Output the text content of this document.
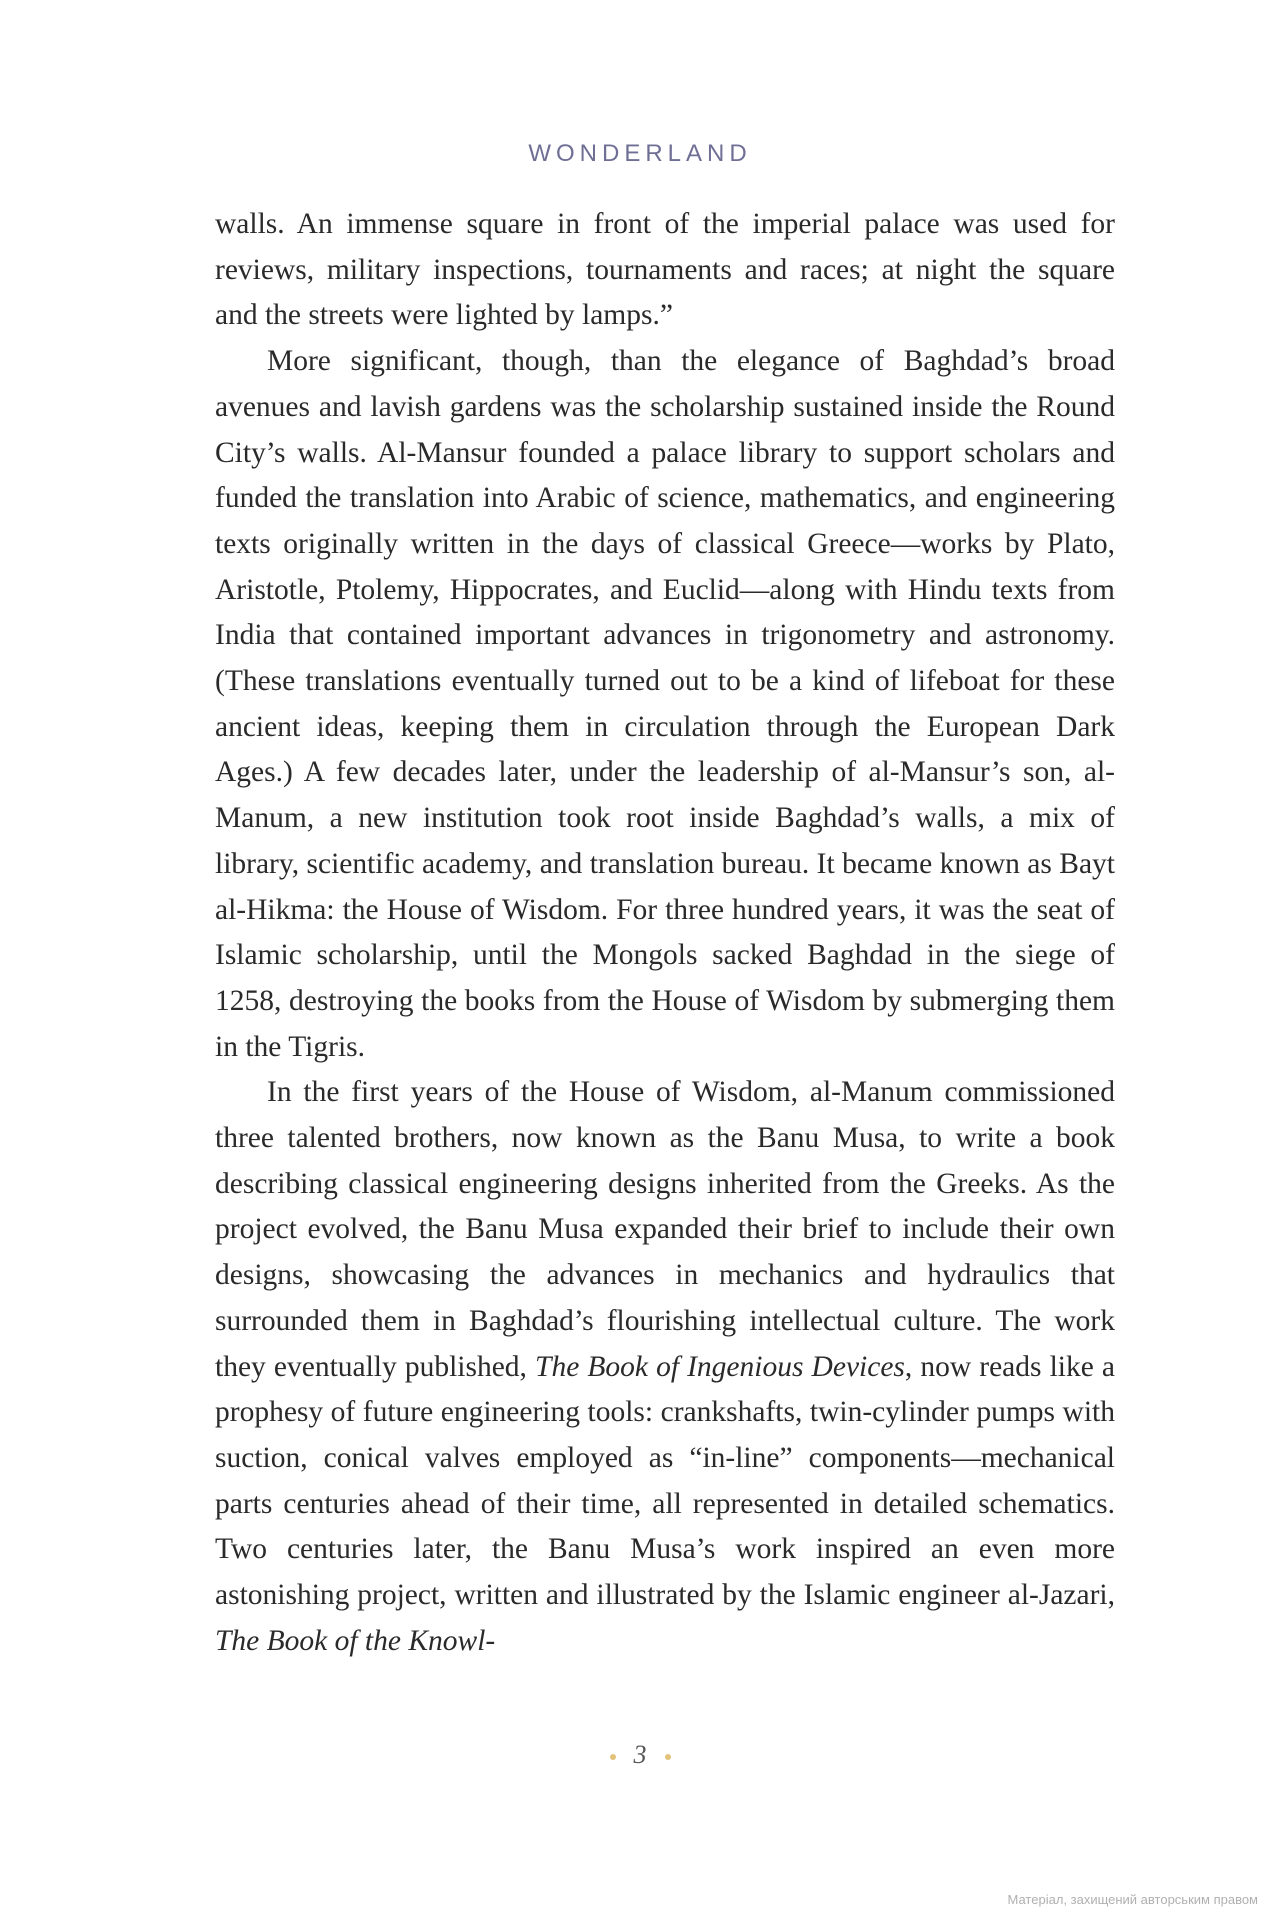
WONDERLAND

walls. An immense square in front of the imperial palace was used for reviews, military inspections, tournaments and races; at night the square and the streets were lighted by lamps.”

More significant, though, than the elegance of Baghdad’s broad avenues and lavish gardens was the scholarship sustained inside the Round City’s walls. Al-Mansur founded a palace library to support scholars and funded the translation into Arabic of science, mathematics, and engineering texts originally written in the days of classical Greece—works by Plato, Aristotle, Ptolemy, Hippocrates, and Euclid—along with Hindu texts from India that contained important advances in trigonometry and astronomy. (These translations eventually turned out to be a kind of lifeboat for these ancient ideas, keeping them in circulation through the European Dark Ages.) A few decades later, under the leadership of al-Mansur’s son, al-Manum, a new institution took root inside Baghdad’s walls, a mix of library, scientific academy, and translation bureau. It became known as Bayt al-Hikma: the House of Wisdom. For three hundred years, it was the seat of Islamic scholarship, until the Mongols sacked Baghdad in the siege of 1258, destroying the books from the House of Wisdom by submerging them in the Tigris.

In the first years of the House of Wisdom, al-Manum commissioned three talented brothers, now known as the Banu Musa, to write a book describing classical engineering designs inherited from the Greeks. As the project evolved, the Banu Musa expanded their brief to include their own designs, showcasing the advances in mechanics and hydraulics that surrounded them in Baghdad’s flourishing intellectual culture. The work they eventually published, The Book of Ingenious Devices, now reads like a prophesy of future engineering tools: crankshafts, twin-cylinder pumps with suction, conical valves employed as “in-line” components—mechanical parts centuries ahead of their time, all represented in detailed schematics. Two centuries later, the Banu Musa’s work inspired an even more astonishing project, written and illustrated by the Islamic engineer al-Jazari, The Book of the Knowl-

3
Матеріал, захищений авторським правом
